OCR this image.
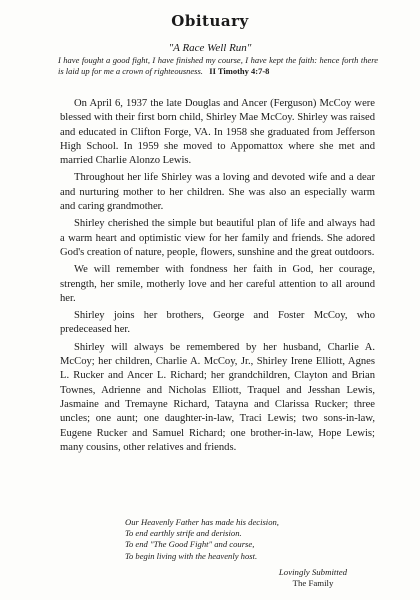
Obituary
"A Race Well Run"
I have fought a good fight, I have finished my course, I have kept the faith: hence forth there is laid up for me a crown of righteousness. II Timothy 4:7-8

On April 6, 1937 the late Douglas and Ancer (Ferguson) McCoy were blessed with their first born child, Shirley Mae McCoy. Shirley was raised and educated in Clifton Forge, VA. In 1958 she graduated from Jefferson High School. In 1959 she moved to Appomattox where she met and married Charlie Alonzo Lewis.

Throughout her life Shirley was a loving and devoted wife and a dear and nurturing mother to her children. She was also an especially warm and caring grandmother.

Shirley cherished the simple but beautiful plan of life and always had a warm heart and optimistic view for her family and friends. She adored God's creation of nature, people, flowers, sunshine and the great outdoors.

We will remember with fondness her faith in God, her courage, strength, her smile, motherly love and her careful attention to all around her.

Shirley joins her brothers, George and Foster McCoy, who predeceased her.

Shirley will always be remembered by her husband, Charlie A. McCoy; her children, Charlie A. McCoy, Jr., Shirley Irene Elliott, Agnes L. Rucker and Ancer L. Richard; her grandchildren, Clayton and Brian Townes, Adrienne and Nicholas Elliott, Traquel and Jesshan Lewis, Jasmaine and Tremayne Richard, Tatayna and Clarissa Rucker; three uncles; one aunt; one daughter-in-law, Traci Lewis; two sons-in-law, Eugene Rucker and Samuel Richard; one brother-in-law, Hope Lewis; many cousins, other relatives and friends.

Our Heavenly Father has made his decision,
To end earthly strife and derision.
To end "The Good Fight" and course,
To begin living with the heavenly host.
Lovingly Submitted
The Family
